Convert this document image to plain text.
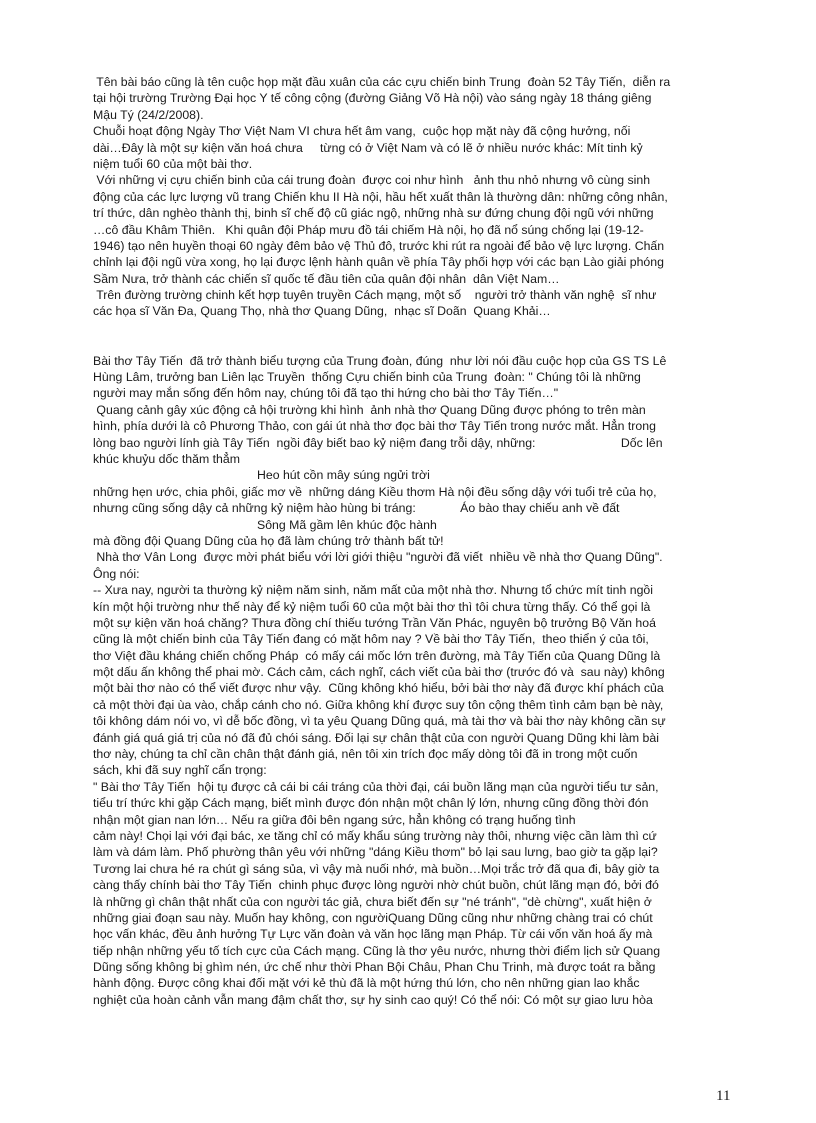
Tên bài báo cũng là tên cuộc họp mặt đầu xuân của các cựu chiến binh Trung  đoàn 52 Tây Tiến,  diễn ra
tại hội trường Trường Đại học Y tế công cộng (đường Giảng Võ Hà nội) vào sáng ngày 18 tháng giêng
Mậu Tý (24/2/2008).
Chuỗi hoạt động Ngày Thơ Việt Nam VI chưa hết âm vang,  cuộc họp mặt này đã cộng hưởng, nối
dài…Đây là một sự kiện văn hoá chưa     từng có ở Việt Nam và có lẽ ở nhiều nước khác: Mít tinh kỷ
niệm tuổi 60 của một bài thơ.
Với những vị cựu chiến binh của cái trung đoàn  được coi như hình   ảnh thu nhỏ nhưng vô cùng sinh
động của các lực lượng vũ trang Chiến khu II Hà nội, hầu hết xuất thân là thường dân: những công nhân,
trí thức, dân nghèo thành thị, binh sĩ chế độ cũ giác ngộ, những nhà sư đứng chung đội ngũ với những
…cô đầu Khâm Thiên.   Khi quân đội Pháp mưu đồ tái chiếm Hà nội, họ đã nổ súng chống lại (19-12-
1946) tạo nên huyền thoại 60 ngày đêm bảo vệ Thủ đô, trước khi rút ra ngoài để bảo vệ lực lượng. Chấn
chỉnh lại đội ngũ vừa xong, họ lại được lệnh hành quân về phía Tây phối hợp với các bạn Lào giải phóng
Sầm Nưa, trở thành các chiến sĩ quốc tế đầu tiên của quân đội nhân  dân Việt Nam…
Trên đường trường chinh kết hợp tuyên truyền Cách mạng, một số    người trở thành văn nghệ  sĩ như
các họa sĩ Văn Đa, Quang Thọ, nhà thơ Quang Dũng,  nhạc sĩ Doãn  Quang Khải…
Bài thơ Tây Tiến  đã trở thành biểu tượng của Trung đoàn, đúng  như lời nói đầu cuộc họp của GS TS Lê
Hùng Lâm, trưởng ban Liên lạc Truyền  thống Cựu chiến binh của Trung  đoàn: " Chúng tôi là những
người may mắn sống đến hôm nay, chúng tôi đã tạo thi hứng cho bài thơ Tây Tiến…"
Quang cảnh gây xúc động cả hội trường khi hình  ảnh nhà thơ Quang Dũng được phóng to trên màn
hình, phía dưới là cô Phương Thảo, con gái út nhà thơ đọc bài thơ Tây Tiến trong nước mắt. Hẳn trong
lòng bao người lính già Tây Tiến  ngồi đây biết bao kỷ niệm đang trỗi dậy, những:                         Dốc lên
khúc khuỷu dốc thăm thẳm
Heo hút cồn mây súng ngửi trời
những hẹn ước, chia phôi, giấc mơ về  những dáng Kiều thơm Hà nội đều sống dậy với tuổi trẻ của họ,
nhưng cũng sống dậy cả những kỷ niệm hào hùng bi tráng:             Áo bào thay chiếu anh về đất
Sông Mã gầm lên khúc độc hành
mà đồng đội Quang Dũng của họ đã làm chúng trở thành bất tử!
Nhà thơ Vân Long  được mời phát biểu với lời giới thiệu "người đã viết  nhiều về nhà thơ Quang Dũng".
Ông nói:
-- Xưa nay, người ta thường kỷ niệm năm sinh, năm mất của một nhà thơ. Nhưng tổ chức mít tinh ngồi
kín một hội trường như thế này để kỷ niệm tuổi 60 của một bài thơ thì tôi chưa từng thấy. Có thể gọi là
một sự kiện văn hoá chăng? Thưa đồng chí thiếu tướng Trần Văn Phác, nguyên bộ trưởng Bộ Văn hoá
cũng là một chiến binh của Tây Tiến đang có mặt hôm nay ? Về bài thơ Tây Tiến,  theo thiển ý của tôi,
thơ Việt đầu kháng chiến chống Pháp  có mấy cái mốc lớn trên đường, mà Tây Tiến của Quang Dũng là
một dấu ấn không thể phai mờ. Cách cảm, cách nghĩ, cách viết của bài thơ (trước đó và  sau này) không
một bài thơ nào có thể viết được như vậy.  Cũng không khó hiểu, bởi bài thơ này đã được khí phách của
cả một thời đại ùa vào, chắp cánh cho nó. Giữa không khí được suy tôn cộng thêm tình cảm bạn bè này,
tôi không dám nói vo, vì dễ bốc đồng, vì ta yêu Quang Dũng quá, mà tài thơ và bài thơ này không cần sự
đánh giá quá giá trị của nó đã đủ chói sáng. Đối lại sự chân thật của con người Quang Dũng khi làm bài
thơ này, chúng ta chỉ cần chân thật đánh giá, nên tôi xin trích đọc mấy dòng tôi đã in trong một cuốn
sách, khi đã suy nghĩ cẩn trọng:
" Bài thơ Tây Tiến  hội tụ được cả cái bi cái tráng của thời đại, cái buồn lãng mạn của người tiểu tư sản,
tiểu trí thức khi gặp Cách mạng, biết mình được đón nhận một chân lý lớn, nhưng cũng đồng thời đón
nhận một gian nan lớn… Nếu ra giữa đôi bên ngang sức, hẳn không có trạng huống tình
cảm này! Chọi lại với đại bác, xe tăng chỉ có mấy khẩu súng trường này thôi, nhưng việc cần làm thì cứ
làm và dám làm. Phố phường thân yêu với những "dáng Kiều thơm" bỏ lại sau lưng, bao giờ ta gặp lại?
Tương lai chưa hé ra chút gì sáng sủa, vì vậy mà nuối nhớ, mà buồn…Mọi trắc trở đã qua đi, bây giờ ta
càng thấy chính bài thơ Tây Tiến  chinh phục được lòng người nhờ chút buồn, chút lãng mạn đó, bởi đó
là những gì chân thật nhất của con người tác giả, chưa biết đến sự "né tránh", "dè chừng", xuất hiện ở
những giai đoạn sau này. Muốn hay không, con ngườiQuang Dũng cũng như những chàng trai có chút
học vấn khác, đều ảnh hưởng Tự Lực văn đoàn và văn học lãng mạn Pháp. Từ cái vốn văn hoá ấy mà
tiếp nhận những yếu tố tích cực của Cách mạng. Cũng là thơ yêu nước, nhưng thời điểm lịch sử Quang
Dũng sống không bị ghìm nén, ức chế như thời Phan Bội Châu, Phan Chu Trinh, mà được toát ra bằng
hành động. Được công khai đối mặt với kẻ thù đã là một hứng thú lớn, cho nên những gian lao khắc
nghiệt của hoàn cảnh vẫn mang đậm chất thơ, sự hy sinh cao quý! Có thể nói: Có một sự giao lưu hòa
11
